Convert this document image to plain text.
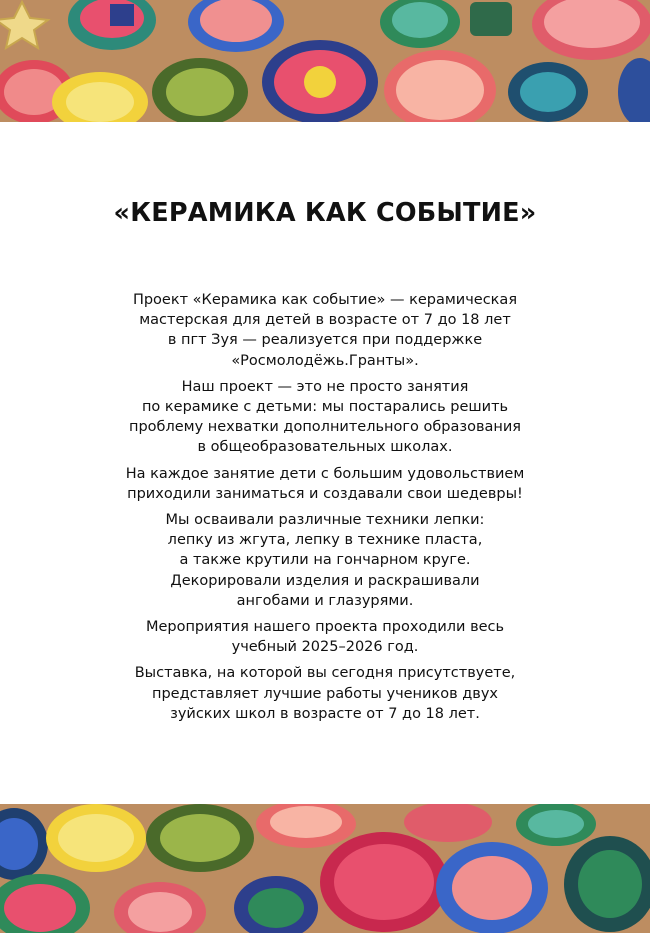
«КЕРАМИКА КАК СОБЫТИЕ»

Проект «Керамика как событие» — керамическая
мастерская для детей в возрасте от 7 до 18 лет
в пгт Зуя — реализуется при поддержке
«Росмолодёжь.Гранты».

Наш проект — это не просто занятия
по керамике с детьми: мы постарались решить
проблему нехватки дополнительного образования
в общеобразовательных школах.

На каждое занятие дети с большим удовольствием
приходили заниматься и создавали свои шедевры!

Мы осваивали различные техники лепки:
лепку из жгута, лепку в технике пласта,
а также крутили на гончарном круге.
Декорировали изделия и раскрашивали
ангобами и глазурями.

Мероприятия нашего проекта проходили весь
учебный 2025–2026 год.

Выставка, на которой вы сегодня присутствуете,
представляет лучшие работы учеников двух
зуйских школ в возрасте от 7 до 18 лет.
